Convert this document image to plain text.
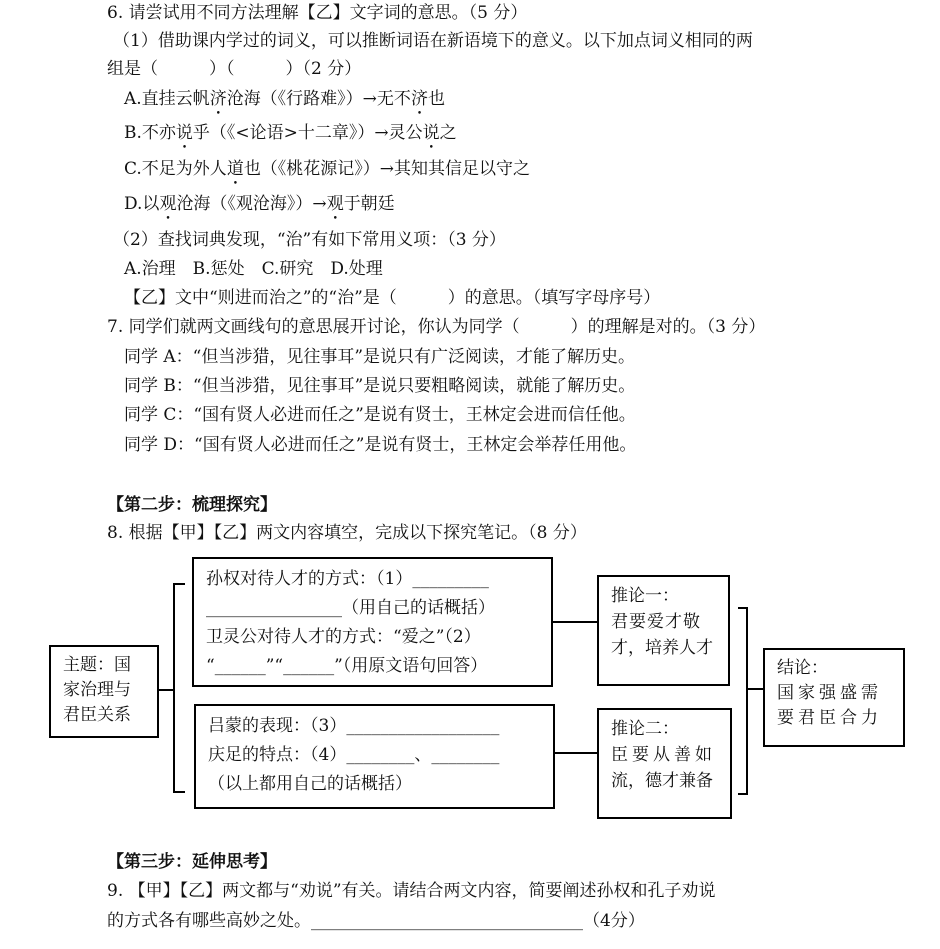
6. 请尝试用不同方法理解【乙】文字词的意思。（5 分）
（1）借助课内学过的词义，可以推断词语在新语境下的意义。以下加点词义相同的两
组是（　　　）（　　　）（2 分）
A.直挂云帆济沧海（《行路难》）→无不济也
B.不亦说乎（《<论语>十二章》）→灵公说之
C.不足为外人道也（《桃花源记》）→其知其信足以守之
D.以观沧海（《观沧海》）→观于朝廷
（2）查找词典发现，“治”有如下常用义项：（3 分）
A.治理　B.惩处　C.研究　D.处理
【乙】文中“则进而治之”的“治”是（　　　）的意思。（填写字母序号）
7. 同学们就两文画线句的意思展开讨论，你认为同学（　　　）的理解是对的。（3 分）
同学 A：“但当涉猎，见往事耳”是说只有广泛阅读，才能了解历史。
同学 B：“但当涉猎，见往事耳”是说只要粗略阅读，就能了解历史。
同学 C：“国有贤人必进而任之”是说有贤士，王林定会进而信任他。
同学 D：“国有贤人必进而任之”是说有贤士，王林定会举荐任用他。
【第二步：梳理探究】
8. 根据【甲】【乙】两文内容填空，完成以下探究笔记。（8 分）
主题：国
家治理与
君臣关系
孙权对待人才的方式：（1）_________
________________（用自己的话概括）
卫灵公对待人才的方式：“爱之”（2）
“______”“______”（用原文语句回答）
吕蒙的表现：（3）__________________
庆足的特点：（4）________、________
（以上都用自己的话概括）
推论一：
君要爱才敬
才，培养人才
推论二：
臣要从善如
流，德才兼备
结论：
国家强盛需
要君臣合力
【第三步：延伸思考】
9. 【甲】【乙】两文都与“劝说”有关。请结合两文内容，简要阐述孙权和孔子劝说
的方式各有哪些高妙之处。________________________________（4分）
